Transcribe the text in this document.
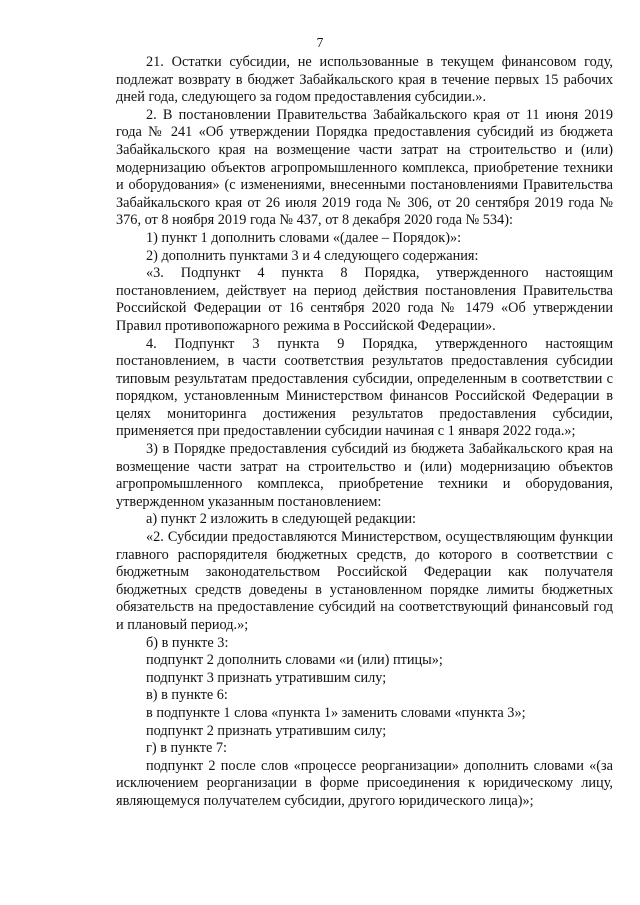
7

21. Остатки субсидии, не использованные в текущем финансовом году, подлежат возврату в бюджет Забайкальского края в течение первых 15 рабочих дней года, следующего за годом предоставления субсидии.».

2. В постановлении Правительства Забайкальского края от 11 июня 2019 года № 241 «Об утверждении Порядка предоставления субсидий из бюджета Забайкальского края на возмещение части затрат на строительство и (или) модернизацию объектов агропромышленного комплекса, приобретение техники и оборудования» (с изменениями, внесенными постановлениями Правительства Забайкальского края от 26 июля 2019 года № 306, от 20 сентября 2019 года № 376, от 8 ноября 2019 года № 437, от 8 декабря 2020 года № 534):

1) пункт 1 дополнить словами «(далее – Порядок)»:

2) дополнить пунктами 3 и 4 следующего содержания:

«3. Подпункт 4 пункта 8 Порядка, утвержденного настоящим постановлением, действует на период действия постановления Правительства Российской Федерации от 16 сентября 2020 года № 1479 «Об утверждении Правил противопожарного режима в Российской Федерации».

4. Подпункт 3 пункта 9 Порядка, утвержденного настоящим постановлением, в части соответствия результатов предоставления субсидии типовым результатам предоставления субсидии, определенным в соответствии с порядком, установленным Министерством финансов Российской Федерации в целях мониторинга достижения результатов предоставления субсидии, применяется при предоставлении субсидии начиная с 1 января 2022 года.»;

3) в Порядке предоставления субсидий из бюджета Забайкальского края на возмещение части затрат на строительство и (или) модернизацию объектов агропромышленного комплекса, приобретение техники и оборудования, утвержденном указанным постановлением:

а) пункт 2 изложить в следующей редакции:

«2. Субсидии предоставляются Министерством, осуществляющим функции главного распорядителя бюджетных средств, до которого в соответствии с бюджетным законодательством Российской Федерации как получателя бюджетных средств доведены в установленном порядке лимиты бюджетных обязательств на предоставление субсидий на соответствующий финансовый год и плановый период.»;

б) в пункте 3:

подпункт 2 дополнить словами «и (или) птицы»;

подпункт 3 признать утратившим силу;

в) в пункте 6:

в подпункте 1 слова «пункта 1» заменить словами «пункта 3»;

подпункт 2 признать утратившим силу;

г) в пункте 7:

подпункт 2 после слов «процессе реорганизации» дополнить словами «(за исключением реорганизации в форме присоединения к юридическому лицу, являющемуся получателем субсидии, другого юридического лица)»;
